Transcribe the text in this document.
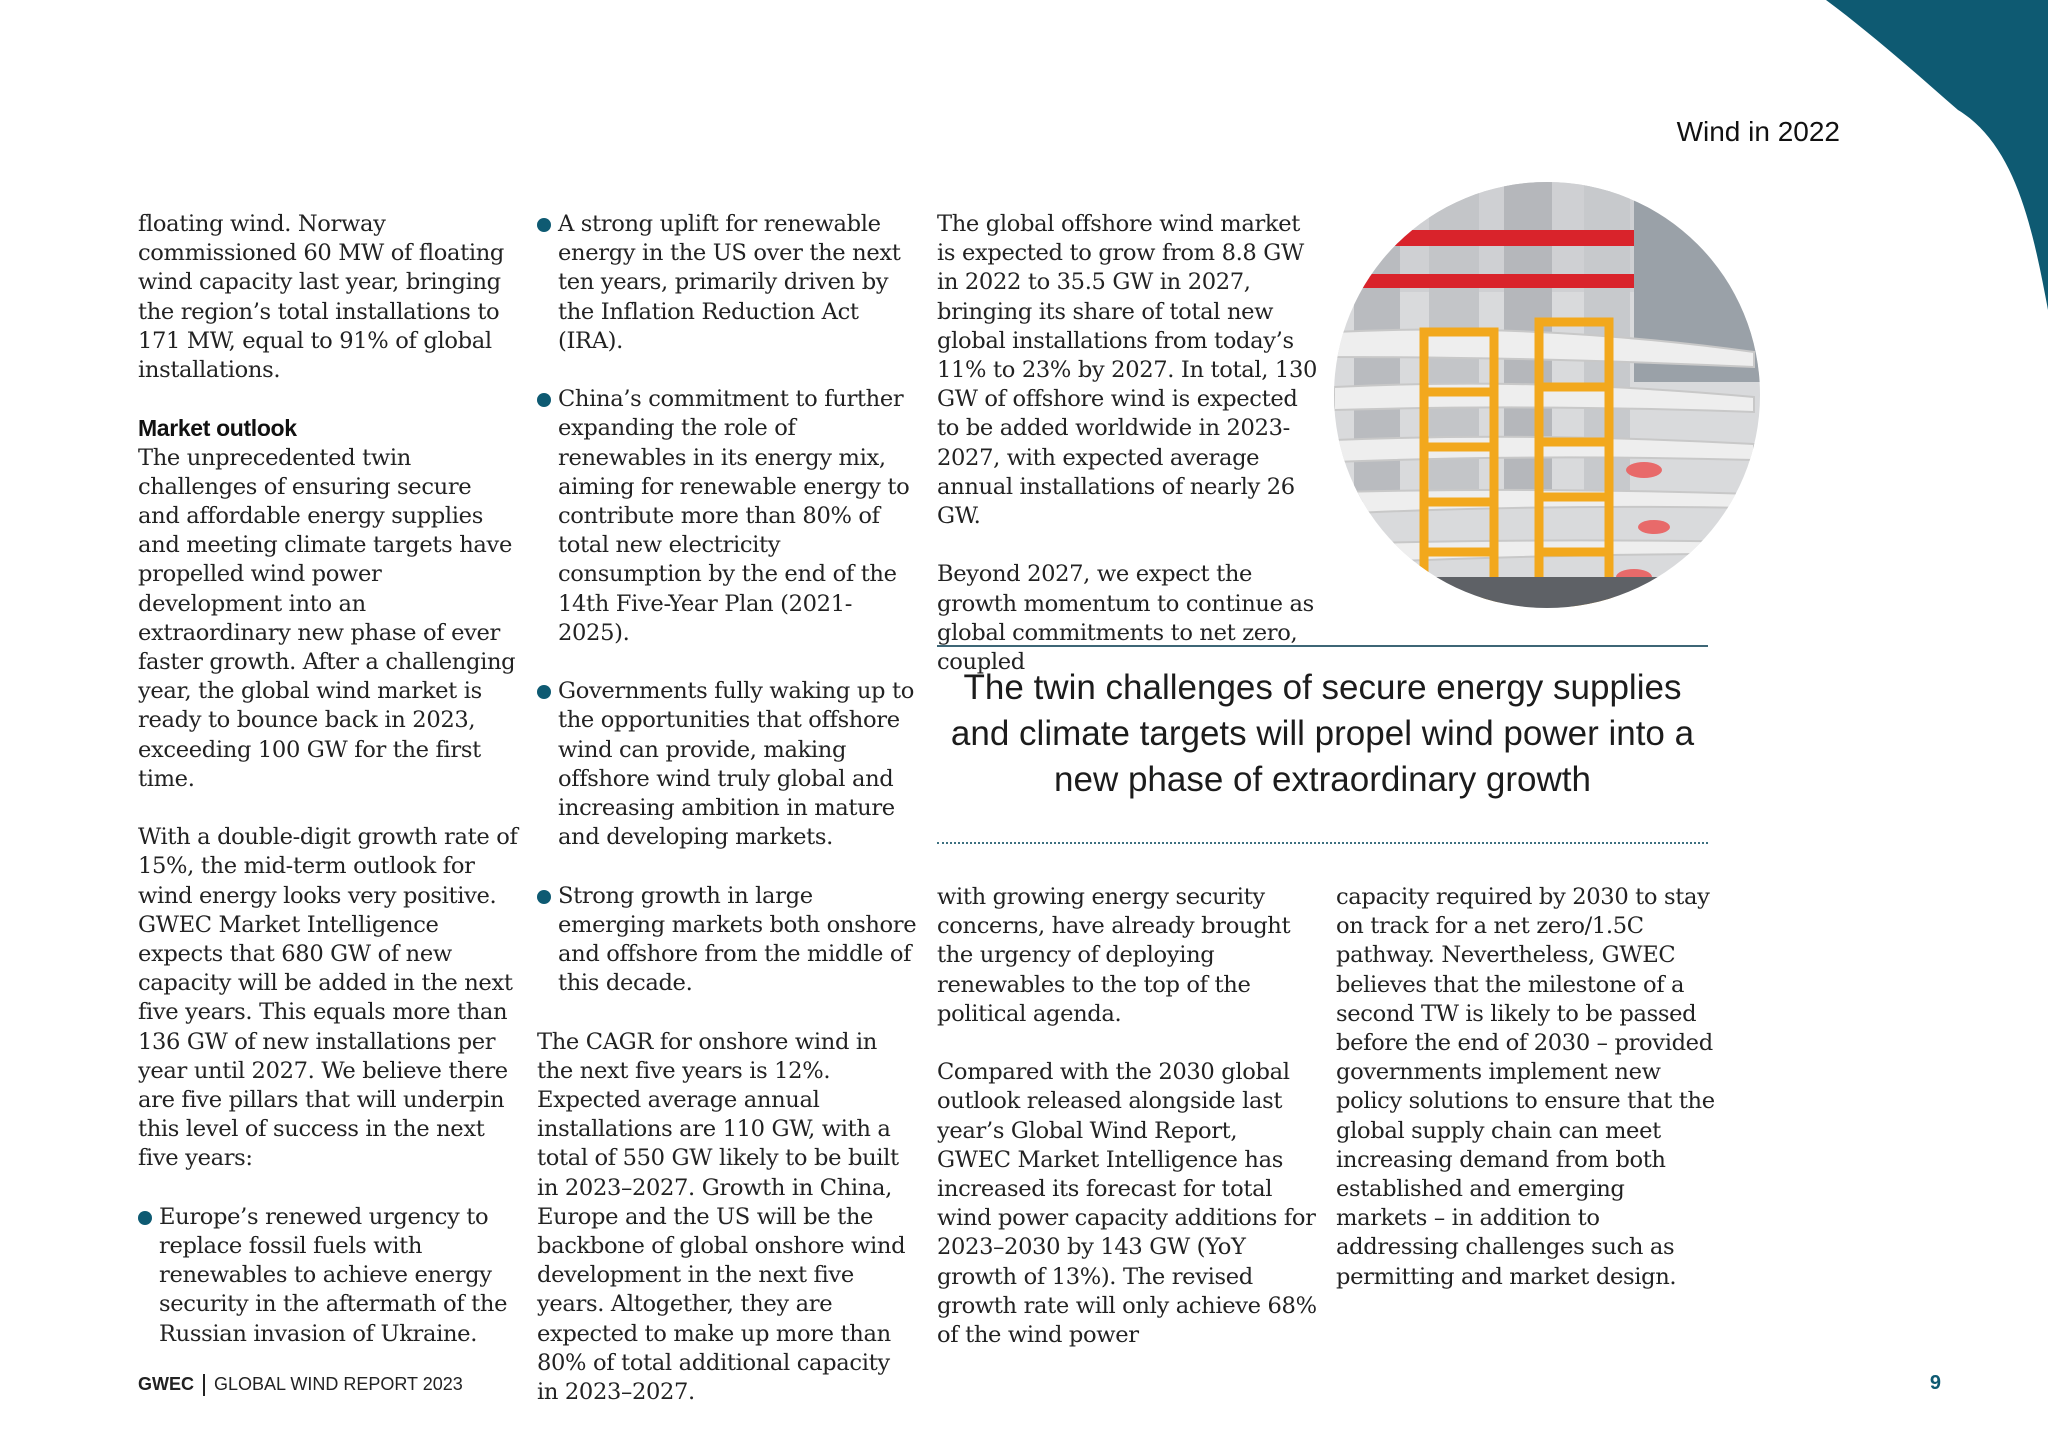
Wind in 2022

floating wind. Norway commissioned 60 MW of floating wind capacity last year, bringing the region’s total installations to 171 MW, equal to 91% of global installations.

Market outlook

The unprecedented twin challenges of ensuring secure and affordable energy supplies and meeting climate targets have propelled wind power development into an extraordinary new phase of ever faster growth. After a challenging year, the global wind market is ready to bounce back in 2023, exceeding 100 GW for the first time.

With a double-digit growth rate of 15%, the mid-term outlook for wind energy looks very positive. GWEC Market Intelligence expects that 680 GW of new capacity will be added in the next five years. This equals more than 136 GW of new installations per year until 2027. We believe there are five pillars that will underpin this level of success in the next five years:

Europe’s renewed urgency to replace fossil fuels with renewables to achieve energy security in the aftermath of the Russian invasion of Ukraine.
A strong uplift for renewable energy in the US over the next ten years, primarily driven by the Inflation Reduction Act (IRA).
China’s commitment to further expanding the role of renewables in its energy mix, aiming for renewable energy to contribute more than 80% of total new electricity consumption by the end of the 14th Five-Year Plan (2021-2025).
Governments fully waking up to the opportunities that offshore wind can provide, making offshore wind truly global and increasing ambition in mature and developing markets.
Strong growth in large emerging markets both onshore and offshore from the middle of this decade.

The CAGR for onshore wind in the next five years is 12%. Expected average annual installations are 110 GW, with a total of 550 GW likely to be built in 2023–2027. Growth in China, Europe and the US will be the backbone of global onshore wind development in the next five years. Altogether, they are expected to make up more than 80% of total additional capacity in 2023–2027.

The global offshore wind market is expected to grow from 8.8 GW in 2022 to 35.5 GW in 2027, bringing its share of total new global installations from today’s 11% to 23% by 2027. In total, 130 GW of offshore wind is expected to be added worldwide in 2023-2027, with expected average annual installations of nearly 26 GW.

Beyond 2027, we expect the growth momentum to continue as global commitments to net zero, coupled

The twin challenges of secure energy supplies and climate targets will propel wind power into a new phase of extraordinary growth

with growing energy security concerns, have already brought the urgency of deploying renewables to the top of the political agenda.

Compared with the 2030 global outlook released alongside last year’s Global Wind Report, GWEC Market Intelligence has increased its forecast for total wind power capacity additions for 2023–2030 by 143 GW (YoY growth of 13%). The revised growth rate will only achieve 68% of the wind power

capacity required by 2030 to stay on track for a net zero/1.5C pathway. Nevertheless, GWEC believes that the milestone of a second TW is likely to be passed before the end of 2030 – provided governments implement new policy solutions to ensure that the global supply chain can meet increasing demand from both established and emerging markets – in addition to addressing challenges such as permitting and market design.

GWEC GLOBAL WIND REPORT 2023	9
